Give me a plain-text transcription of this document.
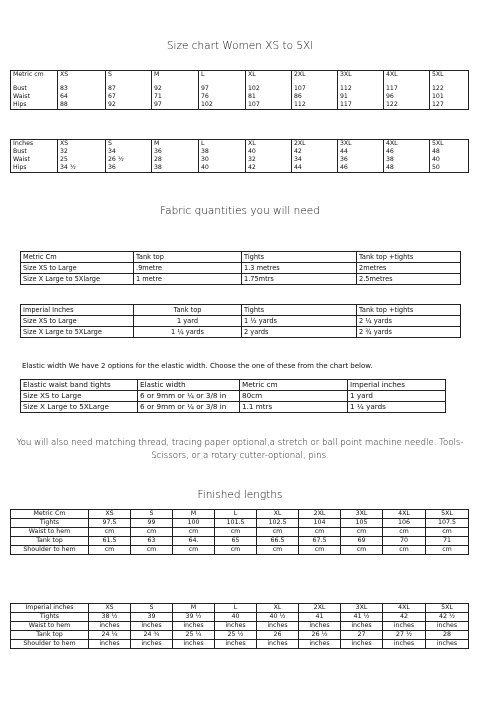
Size chart Women XS to 5Xl
Metric cm	XS	S	M	L	XL	2XL	3XL	4XL	5XL

Bust	83	87	92	97	102	107	112	117	122
Waist	64	67	71	76	81	86	91	96	101
Hips	88	92	97	102	107	112	117	122	127
Inches	XS	S	M	L	XL	2XL	3XL	4XL	5XL
Bust	32	34	36	38	40	42	44	46	48
Waist	25	26 ½	28	30	32	34	36	38	40
Hips	34 ½	36	38	40	42	44	46	48	50
Fabric quantities you will need
Metric Cm	Tank top	Tights	Tank top +tights
Size XS to Large	.9metre	1.3 metres	2metres
Size X Large to 5Xlarge	1 metre	1.75mtrs	2.5metres
Imperial Inches	Tank top	Tights	Tank top +tights
Size XS to Large	1 yard	1 ½ yards	2 ¼ yards
Size X Large to 5XLarge	1 ¼ yards	2 yards	2 ¾ yards
Elastic width We have 2 options for the elastic width. Choose the one of these from the chart below.
Elastic waist band tights	Elastic width	Metric cm	Imperial inches
Size XS to Large	6 or 9mm or ¼ or 3/8 in	80cm	1 yard
Size X Large to 5XLarge	6 or 9mm or ¼ or 3/8 in	1.1 mtrs	1 ¼ yards
You will also need matching thread, tracing paper optional,a stretch or ball point machine needle. Tools- Scissors, or a rotary cutter-optional, pins.
Finished lengths
Metric Cm	XS	S	M	L	XL	2XL	3XL	4XL	5XL
Tights	97.5	99	100	101.5	102.5	104	105	106	107.5
Waist to hem	cm	cm	cm	cm	cm	cm	cm	cm	cm
Tank top	61.5	63	64.	65	66.5	67.5	69	70	71
Shoulder to hem	cm	cm	cm	cm	cm	cm	cm	cm	cm
Imperial inches	XS	S	M	L	XL	2XL	3XL	4XL	5XL
Tights	38 ½	39	39 ½	40	40 ½	41	41 ½	42	42 ½
Waist to hem	inches	inches	inches	inches	inches	inches	inches	inches	inches
Tank top	24 ¼	24 ¾	25 ¼	25 ½	26	26 ½	27	27 ½	28
Shoulder to hem	inches	inches	inches	inches	inches	inches	inches	inches	inches
